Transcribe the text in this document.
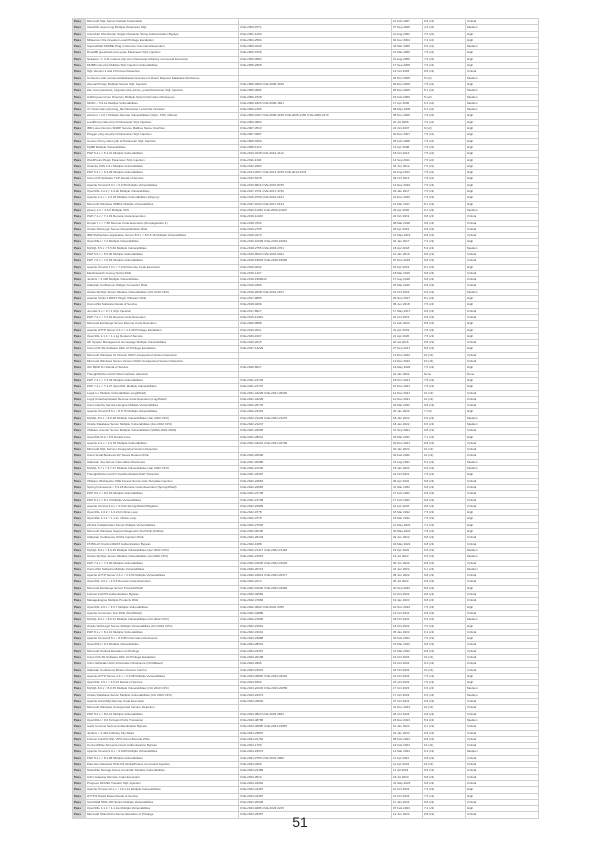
Pass	Microsoft SQL Server Default Credentials		10 Feb 2007	9.8 (v3)	Critical
Pass	View2/GI view.cv.cgi Multiple Parameter SQL	CVE-2003-0771	27 Sep 2006	4.3 (v2)	Medium
Pass	Cisco/Net SSL Router Single Character String Authentication Bypass	CVE-2001-1430	10 Aug 2001	7.5 (v2)	High
Pass	MDaemon File Creation Local Privilege Escalation	CVE-2004-2504	04 Nov 2004	7.2 (v2)	High
Pass	SquirrelMail S/MIME Plug-in Remote Command Execution	CVE-2005-0239	02 Mar 2005	6.5 (v2)	Medium
Pass	DimpBB guestbook.php quote Parameter SQL Injection	CVE-2005-0796	10 Mar 2005	7.5 (v2)	High
Pass	Nekapoc <= 3.11 nuance.php Icon Parameter Arbitrary Command Execution	CVE-2005-0984	10 Aug 2005	7.5 (v2)	High
Pass	MUBB misc.php Multiple SQL Injection Vulnerabilities	CVE-2005-2968	17 Sep 2005	7.5 (v2)	High
Pass	SQL Version 2 and 3 Protocol Detection		12 Oct 2005	9.8 (v3)	Critical
Pass	Contenus Cart contenus/database/contenus.inc Direct Request Database Disclosure		02 Nov 2005	5 (v2)	Medium
Pass	phpmall Pongo Multiple Scripts SQL Injection	CVE-2005-3999 CVE-2005-4018	06 Dec 2005	7.5 (v2)	High
Pass	Zen Cart password_forgotten.php admin_email Parameter SQL Injection	CVE-2005-3996	05 Dec 2005	5.1 (v2)	Medium
Pass	AntPropose forum Directory Multiple Script Information Disclosure	CVE-2006-0728	15 Feb 2006	5 (v2)	Medium
Pass	MODx < 0.9.1a Multiple Vulnerabilities	CVE-2006-1825 CVE-2006-1821	17 Apr 2006	6.4 (v2)	Medium
Pass	V7 Chat index.php lang_file Parameter Local File Inclusion	CVE-2006-2106	08 May 2006	6.4 (v2)	Medium
Pass	eFiction < 2.0.7 Multiple Remote Vulnerabilities (SQLi, XSS, Others)	CVE-2006-4167 CVE-2006-4168 CVE-2006-4169 CVE-2006-4170	08 Nov 2006	7.5 (v2)	High
Pass	LocalNorg index.php id Parameter SQL Injection	CVE-2006-3803	20 Jul 2006	7.5 (v2)	High
Pass	IBM Lotus Domino SNMP Service Mailbox Name Overflow	CVE-2007-3510	24 Oct 2007	9 (v2)	High
Pass	Plogger plog-rss.php id Parameter SQL Injection	CVE-2007-4087	30 Nov 2007	7.5 (v2)	High
Pass	Gnome Proxy index.php id Parameter SQL Injection	CVE-2008-0460	25 Feb 2008	7.5 (v2)	High
Pass	MyBB Multiple Vulnerabilities	CVE-2008-1314	13 Apr 2008	7.5 (v2)	High
Pass	PHP 5.4.x < 5.4.21 Multiple Vulnerabilities	CVE-2013-4248 CVE-2013-4113	18 Oct 2013	7.5 (v2)	High
Pass	WordPress Plugin Parameter SQL Injection	CVE-2011-3130	14 Sep 2011	7.5 (v2)	High
Pass	Chamilo LMS 1.8.x Multiple Vulnerabilities	CVE-2012-2360	04 Jun 2012	7.5 (v2)	High
Pass	PHP 5.3.x < 5.3.29 Multiple Vulnerabilities	CVE-2014-0207 CVE-2014-3478 CVE-2014-3479	22 Aug 2014	7.5 (v2)	High
Pass	Cisco IOS Software TCP Denial of Service	CVE-2013-5478	09 Oct 2013	7.8 (v2)	High
Pass	Apache Tomcat 6.0.x < 6.0.50 Multiple Vulnerabilities	CVE-2016-6816 CVE-2016-8735	12 Dec 2016	7.5 (v3)	High
Pass	OpenSSL 1.0.2 < 1.0.2k Multiple Vulnerabilities	CVE-2017-3731 CVE-2017-3732	26 Jan 2017	7.5 (v3)	High
Pass	Apache 2.4.x < 2.4.25 Multiple Vulnerabilities (httpoxy)	CVE-2016-0736 CVE-2016-2161	23 Dec 2016	7.5 (v3)	High
Pass	Microsoft Windows SMBv1 Multiple Vulnerabilities	CVE-2017-0143 CVE-2017-0144	14 Mar 2017	8.1 (v3)	High
Pass	jQuery 1.2 < 3.5.0 Multiple XSS	CVE-2020-11022 CVE-2020-11023	29 Apr 2020	6.1 (v3)	Medium
Pass	PHP 7.1.x < 7.1.33 Remote Code Execution	CVE-2019-11043	24 Oct 2019	9.8 (v3)	Critical
Pass	Drupal 7.x < 7.58 Remote Code Execution (Drupalgeddon 2)	CVE-2018-7600	28 Mar 2018	9.8 (v3)	Critical
Pass	Oracle WebLogic Server Deserialization RCE	CVE-2019-2725	26 Apr 2019	9.8 (v3)	Critical
Pass	IBM WebSphere Application Server 8.5.x < 8.5.5.16 Multiple Vulnerabilities	CVE-2019-4279	14 May 2019	9.8 (v3)	Critical
Pass	OpenSSH < 7.4 Multiple Vulnerabilities	CVE-2016-10009 CVE-2016-10010	04 Jan 2017	7.3 (v3)	High
Pass	MySQL 5.5.x < 5.5.60 Multiple Vulnerabilities	CVE-2018-2755 CVE-2018-2761	18 Apr 2018	5.3 (v3)	Medium
Pass	PHP 5.6.x < 5.6.40 Multiple Vulnerabilities	CVE-2019-9020 CVE-2019-9021	10 Jan 2019	9.8 (v3)	Critical
Pass	PHP 7.0.x < 7.0.33 Multiple Vulnerabilities	CVE-2018-19518 CVE-2018-19935	07 Dec 2018	9.8 (v3)	Critical
Pass	Apache Tomcat 7.0.x < 7.0.94 Remote Code Execution	CVE-2019-0232	15 Apr 2019	8.1 (v3)	High
Pass	Elasticsearch Groovy Script RCE	CVE-2015-1427	18 Mar 2015	9.8 (v3)	Critical
Pass	Jenkins < 2.138 Multiple Vulnerabilities	CVE-2018-1999043	17 Aug 2018	9.8 (v3)	Critical
Pass	Atlassian Confluence Widget Connector RCE	CVE-2019-3396	25 Mar 2019	9.8 (v3)	Critical
Pass	Oracle MySQL Server Multiple Vulnerabilities (Oct 2019 CPU)	CVE-2019-2938 CVE-2019-2974	15 Oct 2019	6.5 (v3)	Medium
Pass	Apache Struts 2 REST Plugin XStream RCE	CVE-2017-9805	05 Sep 2017	8.1 (v3)	High
Pass	Cisco ASA Software Denial of Service	CVE-2018-0296	06 Jun 2018	7.5 (v3)	High
Pass	Joomla! 3.x < 3.7.1 SQL Injection	CVE-2017-8917	17 May 2017	9.8 (v3)	Critical
Pass	PHP 7.2.x < 7.2.24 Remote Code Execution	CVE-2019-11043	24 Oct 2019	9.8 (v3)	Critical
Pass	Microsoft Exchange Server Remote Code Execution	CVE-2020-0688	11 Feb 2020	8.8 (v3)	High
Pass	Apache HTTP Server 2.4.x < 2.4.39 Privilege Escalation	CVE-2019-0211	01 Apr 2019	7.8 (v3)	High
Pass	OpenSSL 1.1.1 < 1.1.1g Denial of Service	CVE-2020-1967	21 Apr 2020	7.5 (v3)	High
Pass	HP System Management Homepage Multiple Vulnerabilities	CVE-2016-2015	20 Jul 2016	9.8 (v3)	Critical
Pass	Cisco IOS XE Software Web UI Privilege Escalation	CVE-2017-12229	27 Sep 2017	8.8 (v3)	High
Pass	Microsoft Windows 10 Version 2004 Unsupported Version Detection		13 Dec 2022	10 (v3)	Critical
Pass	Microsoft Windows Server Version 20H2 Unsupported Version Detection		13 Dec 2022	10 (v3)	Critical
Pass	ISC BIND 9.x Denial of Service	CVE-2020-8617	19 May 2020	7.5 (v3)	High
Pass	ThoughtWorks GoCD Web Interface detection		22 Jan 2022	None	None
Pass	PHP 7.3.x < 7.3.33 Multiple Vulnerabilities	CVE-2021-21703	18 Nov 2021	7.8 (v3)	High
Pass	PHP 7.4.x < 7.4.27 OpenSSL Multiple Vulnerabilities	CVE-2021-21707	16 Dec 2021	7.5 (v3)	High
Pass	Log4j 1.x Multiple Vulnerabilities (Log4Shell)	CVE-2021-44228 CVE-2021-45046	14 Dec 2021	10 (v3)	Critical
Pass	Log4j Unauthenticated Remote Code Execution (Log4Shell)	CVE-2021-44228	10 Dec 2021	10 (v3)	Critical
Pass	Cisco Identity Services Engine Multiple Vulnerabilities	CVE-2022-20733	02 Mar 2022	9.8 (v3)	Critical
Pass	Apache Tomcat 8.5.x < 8.5.76 Multiple Vulnerabilities	CVE-2022-23181	25 Jan 2022	7 (v3)	High
Pass	MySQL 8.0.x < 8.0.28 Multiple Vulnerabilities (Jan 2022 CPU)	CVE-2022-21245 CVE-2022-21270	18 Jan 2022	6.5 (v3)	Medium
Pass	Oracle Database Server Multiple Vulnerabilities (Jan 2022 CPU)	CVE-2022-21247	18 Jan 2022	6.5 (v3)	Medium
Pass	VMware vCenter Server Multiple Vulnerabilities (VMSA-2021-0020)	CVE-2021-22005	21 Sep 2021	9.8 (v3)	Critical
Pass	OpenSSH 8.2 < 8.5 Double Free	CVE-2021-28041	03 Mar 2021	7.1 (v3)	High
Pass	Apache 2.4.x < 2.4.52 Multiple Vulnerabilities	CVE-2021-44224 CVE-2021-44790	20 Dec 2021	9.8 (v3)	Critical
Pass	Microsoft SQL Server Unsupported Version Detection		03 Jan 2022	10 (v3)	Critical
Pass	Cisco Small Business RV Series Routers RCE	CVE-2022-20699	02 Feb 2022	10 (v3)	Critical
Pass	Atlassian Jira Server Information Disclosure	CVE-2021-26086	16 Aug 2021	5.3 (v3)	Medium
Pass	MySQL 5.7.x < 5.7.37 Multiple Vulnerabilities (Jan 2022 CPU)	CVE-2022-21245	18 Jan 2022	6.5 (v3)	Medium
Pass	ThoughtWorks GoCD Unauthenticated Path Traversal	CVE-2021-43287	22 Oct 2021	7.5 (v3)	High
Pass	VMware Workspace ONE Access Server-side Template Injection	CVE-2022-22954	06 Apr 2022	9.8 (v3)	Critical
Pass	Spring Framework < 5.3.18 Remote Code Execution (Spring4Shell)	CVE-2022-22965	31 Mar 2022	9.8 (v3)	Critical
Pass	PHP 8.0.x < 8.0.15 Multiple Vulnerabilities	CVE-2021-21708	17 Feb 2022	9.8 (v3)	Critical
Pass	PHP 8.1.x < 8.1.3 Multiple Vulnerabilities	CVE-2021-21708	17 Feb 2022	9.8 (v3)	Critical
Pass	Apache Tomcat 9.0.x < 9.0.62 Spring4Shell Mitigation	CVE-2022-22965	01 Apr 2022	9.8 (v3)	Critical
Pass	OpenSSL 1.0.2 < 1.0.2zd Infinite Loop	CVE-2022-0778	15 Mar 2022	7.5 (v3)	High
Pass	OpenSSL 1.1.1 < 1.1.1n Infinite Loop	CVE-2022-0778	15 Mar 2022	7.5 (v3)	High
Pass	Zimbra Collaboration Server Multiple Vulnerabilities	CVE-2022-27925	10 May 2022	7.2 (v3)	High
Pass	Microsoft Windows Support Diagnostic Tool RCE (Follina)	CVE-2022-30190	30 May 2022	7.8 (v3)	High
Pass	Atlassian Confluence OGNL Injection RCE	CVE-2022-26134	02 Jun 2022	9.8 (v3)	Critical
Pass	F5 BIG-IP iControl REST Authentication Bypass	CVE-2022-1388	04 May 2022	9.8 (v3)	Critical
Pass	MySQL 8.0.x < 8.0.29 Multiple Vulnerabilities (Apr 2022 CPU)	CVE-2022-21417 CVE-2022-21418	19 Apr 2022	6.5 (v3)	Medium
Pass	Oracle MySQL Server Multiple Vulnerabilities (Jul 2022 CPU)	CVE-2022-21515	19 Jul 2022	6.5 (v3)	Medium
Pass	PHP 7.4.x < 7.4.30 Multiple Vulnerabilities	CVE-2022-31625 CVE-2022-31626	09 Jun 2022	9.8 (v3)	Critical
Pass	Cisco ASA Software Multiple Vulnerabilities	CVE-2022-20713	22 Jun 2022	6.1 (v3)	Medium
Pass	Apache HTTP Server 2.4.x < 2.4.54 Multiple Vulnerabilities	CVE-2022-31813 CVE-2022-26377	08 Jun 2022	9.8 (v3)	Critical
Pass	OpenSSL 3.0.x < 3.0.5 Remote Code Execution	CVE-2022-2274	05 Jul 2022	9.8 (v3)	Critical
Pass	Microsoft Exchange Server ProxyNotShell	CVE-2022-41040 CVE-2022-41082	30 Sep 2022	8.8 (v3)	High
Pass	Fortinet FortiOS Authentication Bypass	CVE-2022-40684	10 Oct 2022	9.8 (v3)	Critical
Pass	ManageEngine Multiple Products RCE	CVE-2022-47966	19 Jan 2023	9.8 (v3)	Critical
Pass	OpenSSL 3.0.x < 3.0.7 Multiple Vulnerabilities	CVE-2022-3602 CVE-2022-3786	01 Nov 2022	7.5 (v3)	High
Pass	Apache Commons Text RCE (Text4Shell)	CVE-2022-42889	13 Oct 2022	9.8 (v3)	Critical
Pass	MySQL 8.0.x < 8.0.31 Multiple Vulnerabilities (Oct 2022 CPU)	CVE-2022-21600	18 Oct 2022	6.5 (v3)	Medium
Pass	Oracle WebLogic Server Multiple Vulnerabilities (Oct 2022 CPU)	CVE-2022-21616	18 Oct 2022	7.5 (v3)	High
Pass	PHP 8.1.x < 8.1.14 Multiple Vulnerabilities	CVE-2022-31631	05 Jan 2023	9.1 (v3)	Critical
Pass	Apache Tomcat 8.5.x < 8.5.85 Information Disclosure	CVE-2023-24998	20 Feb 2023	7.5 (v3)	High
Pass	OpenSSH < 9.3 Multiple Vulnerabilities	CVE-2023-28531	15 Mar 2023	9.8 (v3)	Critical
Pass	Microsoft Outlook Elevation of Privilege	CVE-2023-23397	14 Mar 2023	9.8 (v3)	Critical
Pass	Cisco IOS XE Software Web UI Privilege Escalation	CVE-2023-20198	16 Oct 2023	10 (v3)	Critical
Pass	Citrix NetScaler ADC Information Disclosure (CitrixBleed)	CVE-2023-4966	10 Oct 2023	9.4 (v3)	Critical
Pass	Atlassian Confluence Broken Access Control	CVE-2023-22515	04 Oct 2023	10 (v3)	Critical
Pass	Apache HTTP Server 2.4.x < 2.4.58 Multiple Vulnerabilities	CVE-2023-45802 CVE-2023-43622	19 Oct 2023	7.5 (v3)	High
Pass	OpenSSL 3.0.x < 3.0.12 Denial of Service	CVE-2023-5363	24 Oct 2023	7.5 (v3)	High
Pass	MySQL 8.0.x < 8.0.35 Multiple Vulnerabilities (Oct 2023 CPU)	CVE-2023-22032 CVE-2023-22059	17 Oct 2023	6.5 (v3)	Medium
Pass	Oracle Database Server Multiple Vulnerabilities (Oct 2023 CPU)	CVE-2023-22074	17 Oct 2023	6.5 (v3)	Medium
Pass	Apache ActiveMQ Remote Code Execution	CVE-2023-46604	27 Oct 2023	9.8 (v3)	Critical
Pass	Microsoft Windows Unsupported Version Detection		01 Nov 2023	10 (v3)	Critical
Pass	PHP 8.2.x < 8.2.12 Multiple Vulnerabilities	CVE-2023-3823 CVE-2023-3824	26 Oct 2023	9.8 (v3)	Critical
Pass	OpenSSH < 9.6 Terrapin Prefix Truncation	CVE-2023-48795	18 Dec 2023	5.9 (v3)	Medium
Pass	Ivanti Connect Secure Authentication Bypass	CVE-2023-46805 CVE-2024-21887	10 Jan 2024	9.1 (v3)	Critical
Pass	Jenkins < 2.442 Arbitrary File Read	CVE-2024-23897	24 Jan 2024	9.8 (v3)	Critical
Pass	Fortinet FortiOS SSL VPN Out-of-Bounds Write	CVE-2024-21762	08 Feb 2024	9.8 (v3)	Critical
Pass	ConnectWise ScreenConnect Authentication Bypass	CVE-2024-1709	19 Feb 2024	10 (v3)	Critical
Pass	Apache Tomcat 9.0.x < 9.0.86 Multiple Vulnerabilities	CVE-2024-23672	13 Mar 2024	6.3 (v3)	Medium
Pass	PHP 8.1.x < 8.1.28 Multiple Vulnerabilities	CVE-2024-2756 CVE-2024-3096	11 Apr 2024	9.8 (v3)	Critical
Pass	Palo Alto Networks PAN-OS GlobalProtect Command Injection	CVE-2024-3400	12 Apr 2024	10 (v3)	Critical
Pass	ShareFile Storage Zones Controller Multiple Vulnerabilities	CVE-2023-24489	11 Jul 2023	9.8 (v3)	Critical
Pass	Citrix Gateway Remote Code Execution	CVE-2023-3519	18 Jul 2023	9.8 (v3)	Critical
Pass	Progress MOVEit Transfer SQL Injection	CVE-2023-34362	31 May 2023	9.8 (v3)	Critical
Pass	Apache Tomcat 10.1.x < 10.1.14 Multiple Vulnerabilities	CVE-2023-44487	10 Oct 2023	7.5 (v3)	High
Pass	HTTP/2 Rapid Reset Denial of Service	CVE-2023-44487	10 Oct 2023	7.5 (v3)	High
Pass	SonicWall SMA 100 Series Multiple Vulnerabilities	CVE-2021-20038	11 Jan 2022	9.8 (v3)	Critical
Pass	OpenSSL 1.1.1 < 1.1.1w Multiple Vulnerabilities	CVE-2023-0286 CVE-2023-0215	07 Feb 2023	7.4 (v3)	High
Pass	Microsoft SharePoint Server Elevation of Privilege	CVE-2023-29357	13 Jun 2023	9.8 (v3)	Critical
51
